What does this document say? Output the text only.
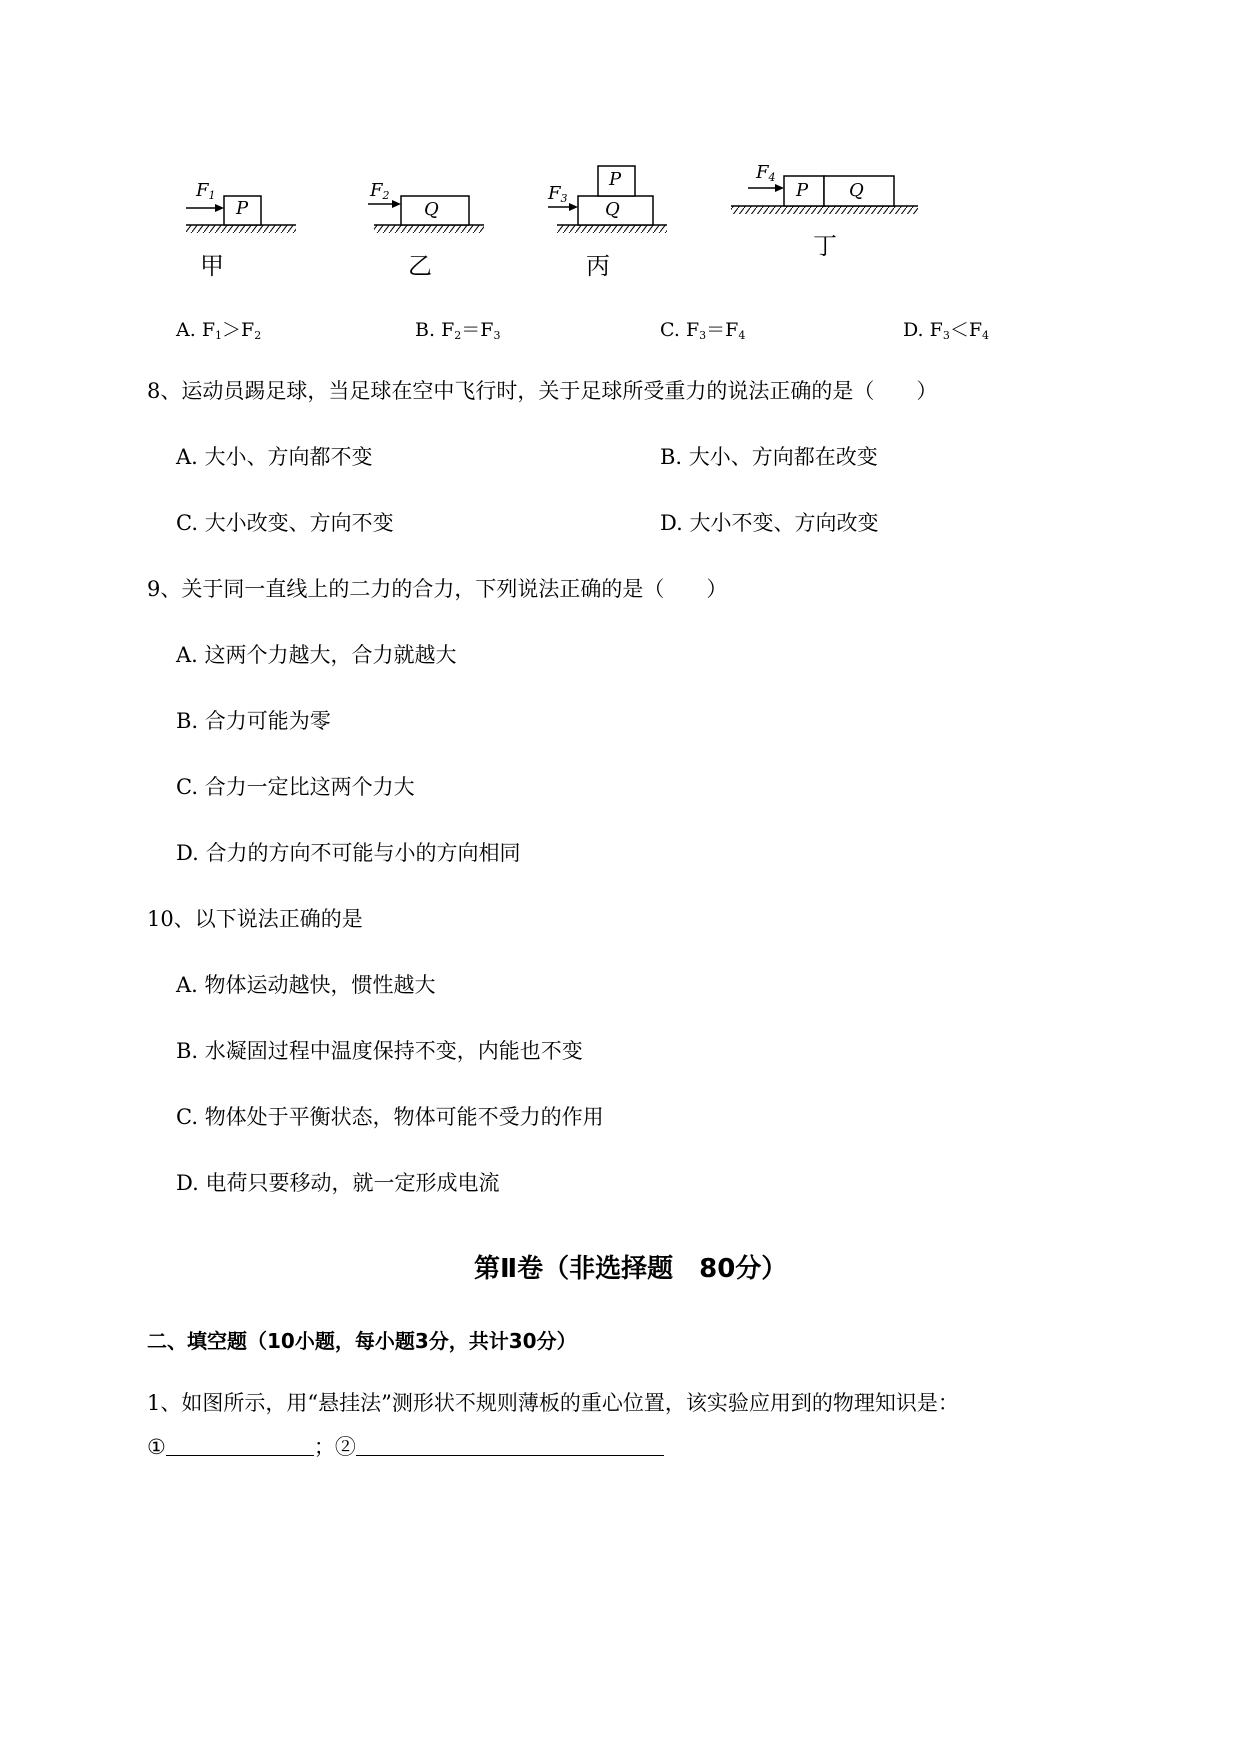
$F_1$
P
甲
$F_2$
Q
乙
$F_3$
P
Q
丙
$F_4$
P Q
丁
A. $F_1>F_2$	B. $F_2=F_3$	C. $F_3=F_4$	D. $F_3<F_4$
8、运动员踢足球，当足球在空中飞行时，关于足球所受重力的说法正确的是（　　）
A. 大小、方向都不变	B. 大小、方向都在改变
C. 大小改变、方向不变	D. 大小不变、方向改变
9、关于同一直线上的二力的合力，下列说法正确的是（　　）
A. 这两个力越大，合力就越大
B. 合力可能为零
C. 合力一定比这两个力大
D. 合力的方向不可能与小的方向相同
10、以下说法正确的是
A. 物体运动越快，惯性越大
B. 水凝固过程中温度保持不变，内能也不变
C. 物体处于平衡状态，物体可能不受力的作用
D. 电荷只要移动，就一定形成电流
第Ⅱ卷（非选择题　80分）
二、填空题（10小题，每小题3分，共计30分）
1、如图所示，用“悬挂法”测形状不规则薄板的重心位置，该实验应用到的物理知识是：
①	；②
